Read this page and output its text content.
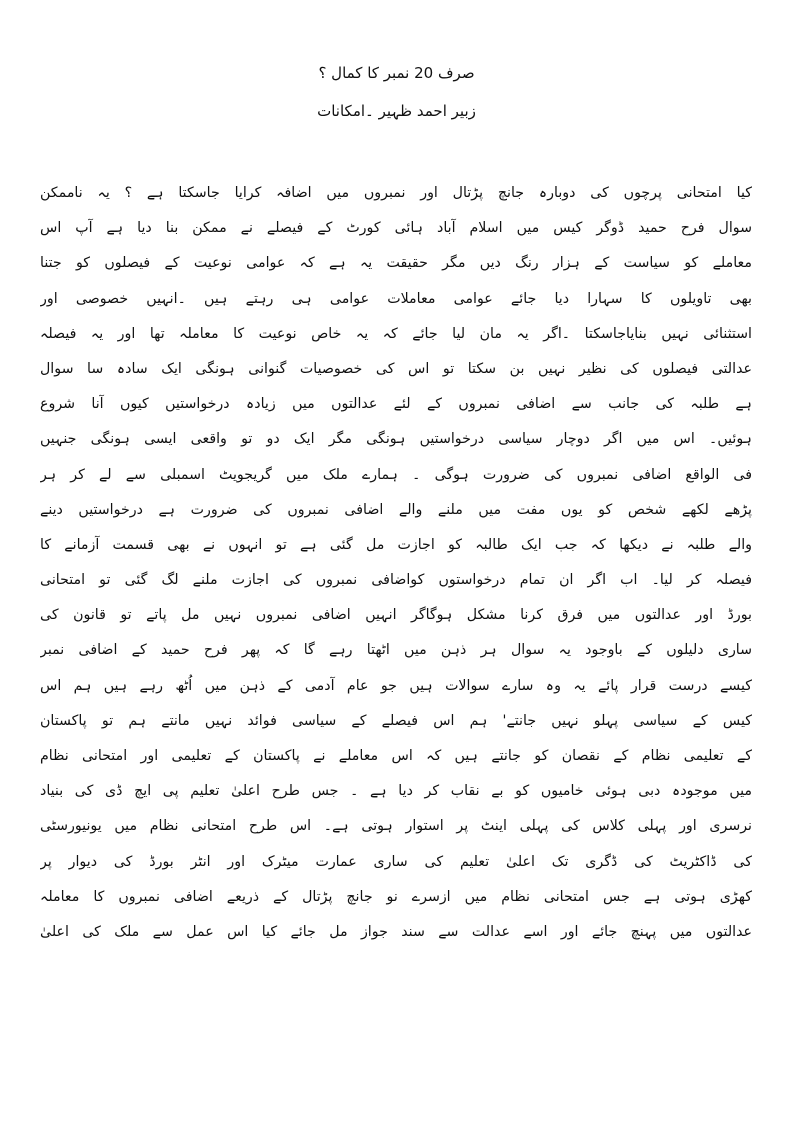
صرف 20 نمبر کا کمال ؟
زبیر احمد ظہیر ۔امکانات
کیا امتحانی پرچوں کی دوبارہ جانچ پڑتال اور نمبروں میں اضافہ کرایا جاسکتا ہے ؟ یہ ناممکن
سوال فرح حمید ڈوگر کیس میں اسلام آباد ہائی کورٹ کے فیصلے نے ممکن بنا دیا ہے آپ اس
معاملے کو سیاست کے ہزار رنگ دیں مگر حقیقت یہ ہے کہ عوامی نوعیت کے فیصلوں کو جتنا
بھی تاویلوں کا سہارا دیا جائے عوامی معاملات عوامی ہی رہتے ہیں ۔انہیں خصوصی اور
استثنائی نہیں بنایاجاسکتا ۔اگر یہ مان لیا جائے کہ یہ خاص نوعیت کا معاملہ تھا اور یہ فیصلہ
عدالتی فیصلوں کی نظیر نہیں بن سکتا تو اس کی خصوصیات گنوانی ہونگی ایک سادہ سا سوال
ہے طلبہ کی جانب سے اضافی نمبروں کے لئے عدالتوں میں زیادہ درخواستیں کیوں آنا شروع
ہوئیں۔ اس میں اگر دوچار سیاسی درخواستیں ہونگی مگر ایک دو تو واقعی ایسی ہونگی جنہیں
فی الواقع اضافی نمبروں کی ضرورت ہوگی ۔ ہمارے ملک میں گریجویٹ اسمبلی سے لے کر ہر
پڑھے لکھے شخص کو یوں مفت میں ملنے والے اضافی نمبروں کی ضرورت ہے درخواستیں دینے
والے طلبہ نے دیکھا کہ جب ایک طالبہ کو اجازت مل گئی ہے تو انہوں نے بھی قسمت آزمانے کا
فیصلہ کر لیا۔ اب اگر ان تمام درخواستوں کواضافی نمبروں کی اجازت ملنے لگ گئی تو امتحانی
بورڈ اور عدالتوں میں فرق کرنا مشکل ہوگاگر انہیں اضافی نمبروں نہیں مل پاتے تو قانون کی
ساری دلیلوں کے باوجود یہ سوال ہر ذہن میں اٹھتا رہے گا کہ پھر فرح حمید کے اضافی نمبر
کیسے درست قرار پائے یہ وہ سارے سوالات ہیں جو عام آدمی کے ذہن میں اُٹھ رہے ہیں ہم اس
کیس کے سیاسی پہلو نہیں جانتے' ہم اس فیصلے کے سیاسی فوائد نہیں مانتے ہم تو پاکستان
کے تعلیمی نظام کے نقصان کو جانتے ہیں کہ اس معاملے نے پاکستان کے تعلیمی اور امتحانی نظام
میں موجودہ دبی ہوئی خامیوں کو بے نقاب کر دیا ہے ۔ جس طرح اعلیٰ تعلیم پی ایچ ڈی کی بنیاد
نرسری اور پہلی کلاس کی پہلی اینٹ پر استوار ہوتی ہے۔ اس طرح امتحانی نظام میں یونیورسٹی
کی ڈاکٹریٹ کی ڈگری تک اعلیٰ تعلیم کی ساری عمارت میٹرک اور انٹر بورڈ کی دیوار پر
کھڑی ہوتی ہے جس امتحانی نظام میں ازسرے نو جانچ پڑتال کے ذریعے اضافی نمبروں کا معاملہ
عدالتوں میں پہنچ جائے اور اسے عدالت سے سند جواز مل جائے کیا اس عمل سے ملک کی اعلیٰ
